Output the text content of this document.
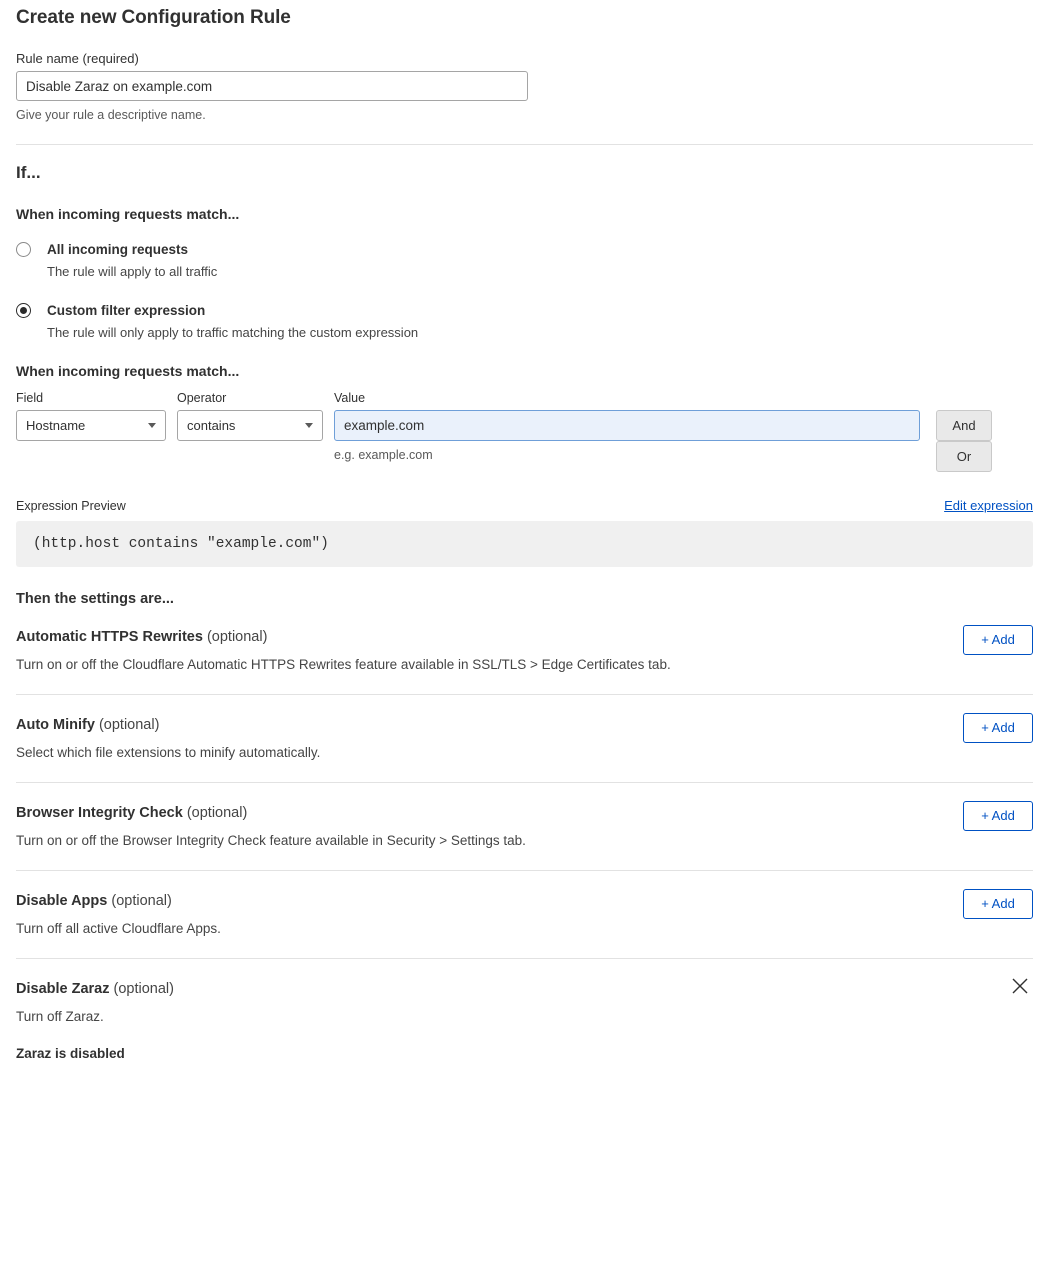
Create new Configuration Rule
Rule name (required)
Disable Zaraz on example.com
Give your rule a descriptive name.
If...
When incoming requests match...
All incoming requests
The rule will apply to all traffic
Custom filter expression
The rule will only apply to traffic matching the custom expression
When incoming requests match...
Field
Hostname
Operator
contains
Value
example.com
e.g. example.com
And Or
Expression Preview	Edit expression
(http.host contains "example.com")
Then the settings are...
Automatic HTTPS Rewrites (optional)
Turn on or off the Cloudflare Automatic HTTPS Rewrites feature available in SSL/TLS > Edge Certificates tab.
+ Add
Auto Minify (optional)
Select which file extensions to minify automatically.
+ Add
Browser Integrity Check (optional)
Turn on or off the Browser Integrity Check feature available in Security > Settings tab.
+ Add
Disable Apps (optional)
Turn off all active Cloudflare Apps.
+ Add
Disable Zaraz (optional)
Turn off Zaraz.
Zaraz is disabled
